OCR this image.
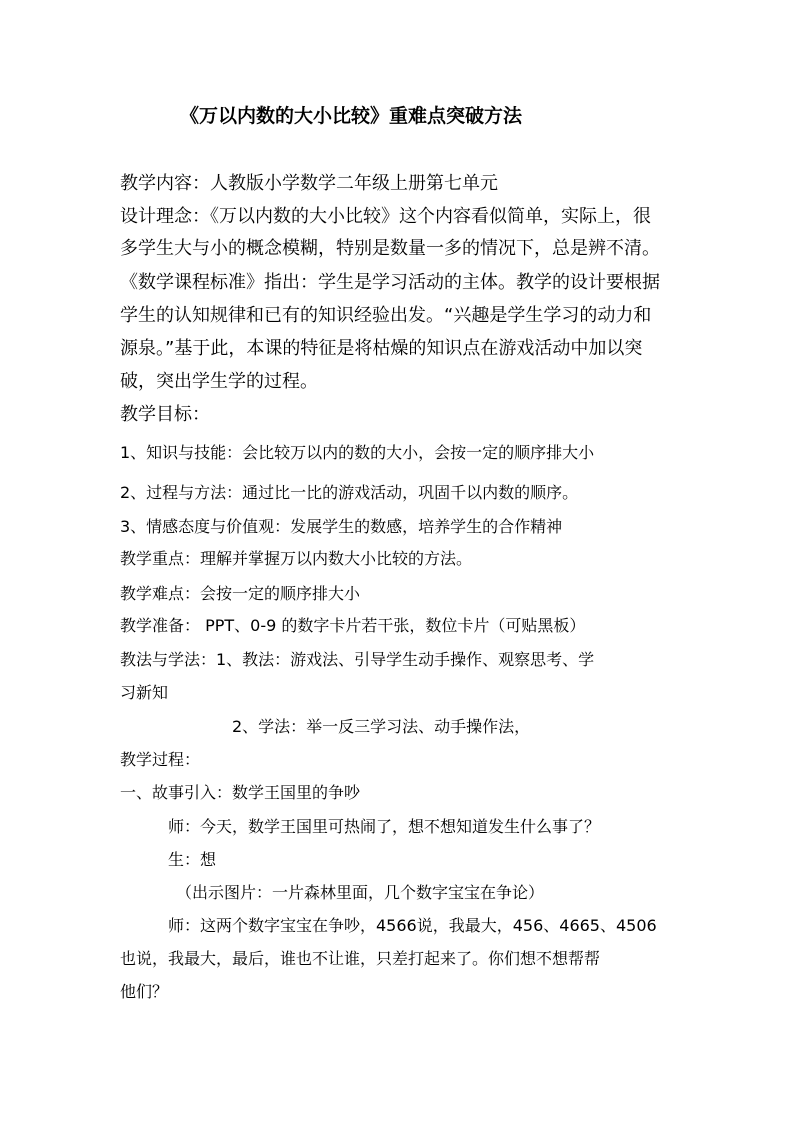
《万以内数的大小比较》重难点突破方法
教学内容：人教版小学数学二年级上册第七单元
设计理念：《万以内数的大小比较》这个内容看似简单，实际上，很
多学生大与小的概念模糊，特别是数量一多的情况下，总是辨不清。
《数学课程标准》指出：学生是学习活动的主体。教学的设计要根据
学生的认知规律和已有的知识经验出发。“兴趣是学生学习的动力和
源泉。”基于此，本课的特征是将枯燥的知识点在游戏活动中加以突
破，突出学生学的过程。
教学目标：
1、知识与技能：会比较万以内的数的大小，会按一定的顺序排大小
2、过程与方法：通过比一比的游戏活动，巩固千以内数的顺序。
3、情感态度与价值观：发展学生的数感，培养学生的合作精神
教学重点：理解并掌握万以内数大小比较的方法。
教学难点：会按一定的顺序排大小
教学准备： PPT、0-9 的数字卡片若干张，数位卡片（可贴黑板）
教法与学法：1、教法：游戏法、引导学生动手操作、观察思考、学
习新知
2、学法：举一反三学习法、动手操作法，
教学过程：
一、故事引入：数学王国里的争吵
师：今天，数学王国里可热闹了，想不想知道发生什么事了？
生：想
（出示图片：一片森林里面，几个数字宝宝在争论）
师：这两个数字宝宝在争吵，4566说，我最大，456、4665、4506
也说，我最大，最后，谁也不让谁，只差打起来了。你们想不想帮帮
他们？
